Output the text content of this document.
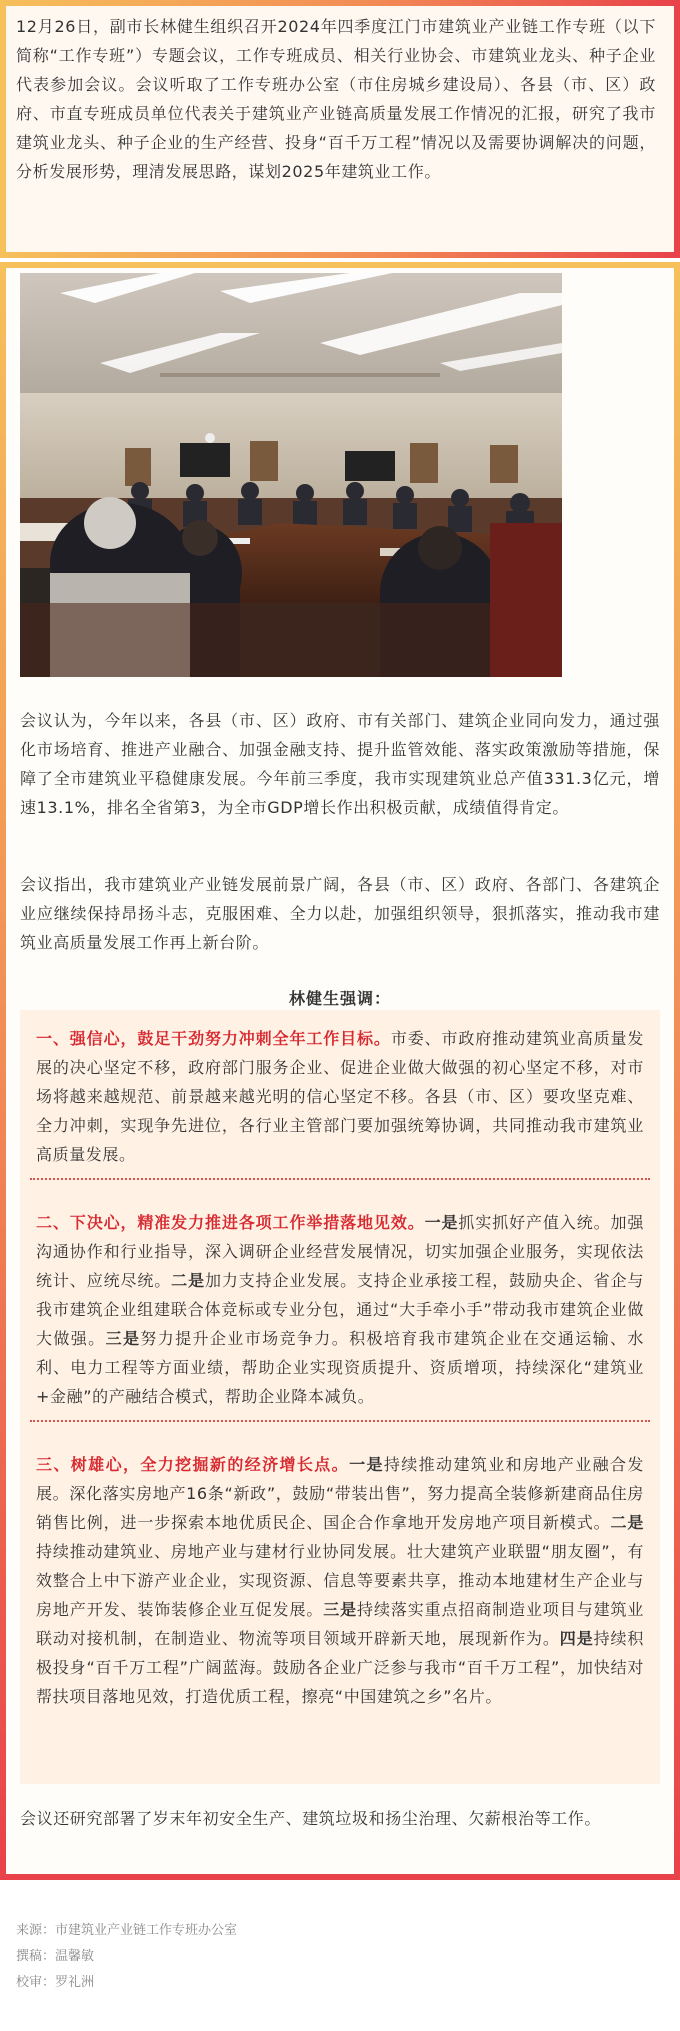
12月26日，副市长林健生组织召开2024年四季度江门市建筑业产业链工作专班（以下简称“工作专班”）专题会议，工作专班成员、相关行业协会、市建筑业龙头、种子企业代表参加会议。会议听取了工作专班办公室（市住房城乡建设局）、各县（市、区）政府、市直专班成员单位代表关于建筑业产业链高质量发展工作情况的汇报，研究了我市建筑业龙头、种子企业的生产经营、投身“百千万工程”情况以及需要协调解决的问题，分析发展形势，理清发展思路，谋划2025年建筑业工作。

会议认为，今年以来，各县（市、区）政府、市有关部门、建筑企业同向发力，通过强化市场培育、推进产业融合、加强金融支持、提升监管效能、落实政策激励等措施，保障了全市建筑业平稳健康发展。今年前三季度，我市实现建筑业总产值331.3亿元，增速13.1%，排名全省第3，为全市GDP增长作出积极贡献，成绩值得肯定。

会议指出，我市建筑业产业链发展前景广阔，各县（市、区）政府、各部门、各建筑企业应继续保持昂扬斗志，克服困难、全力以赴，加强组织领导，狠抓落实，推动我市建筑业高质量发展工作再上新台阶。

林健生强调：

一、强信心，鼓足干劲努力冲刺全年工作目标。市委、市政府推动建筑业高质量发展的决心坚定不移，政府部门服务企业、促进企业做大做强的初心坚定不移，对市场将越来越规范、前景越来越光明的信心坚定不移。各县（市、区）要攻坚克难、全力冲刺，实现争先进位，各行业主管部门要加强统筹协调，共同推动我市建筑业高质量发展。

二、下决心，精准发力推进各项工作举措落地见效。一是抓实抓好产值入统。加强沟通协作和行业指导，深入调研企业经营发展情况，切实加强企业服务，实现依法统计、应统尽统。二是加力支持企业发展。支持企业承接工程，鼓励央企、省企与我市建筑企业组建联合体竞标或专业分包，通过“大手牵小手”带动我市建筑企业做大做强。三是努力提升企业市场竞争力。积极培育我市建筑企业在交通运输、水利、电力工程等方面业绩，帮助企业实现资质提升、资质增项，持续深化“建筑业+金融”的产融结合模式，帮助企业降本减负。

三、树雄心，全力挖掘新的经济增长点。一是持续推动建筑业和房地产业融合发展。深化落实房地产16条“新政”，鼓励“带装出售”，努力提高全装修新建商品住房销售比例，进一步探索本地优质民企、国企合作拿地开发房地产项目新模式。二是持续推动建筑业、房地产业与建材行业协同发展。壮大建筑产业联盟“朋友圈”，有效整合上中下游产业企业，实现资源、信息等要素共享，推动本地建材生产企业与房地产开发、装饰装修企业互促发展。三是持续落实重点招商制造业项目与建筑业联动对接机制，在制造业、物流等项目领域开辟新天地，展现新作为。四是持续积极投身“百千万工程”广阔蓝海。鼓励各企业广泛参与我市“百千万工程”，加快结对帮扶项目落地见效，打造优质工程，擦亮“中国建筑之乡”名片。

会议还研究部署了岁末年初安全生产、建筑垃圾和扬尘治理、欠薪根治等工作。

来源：市建筑业产业链工作专班办公室
撰稿：温馨敏
校审：罗礼洲
